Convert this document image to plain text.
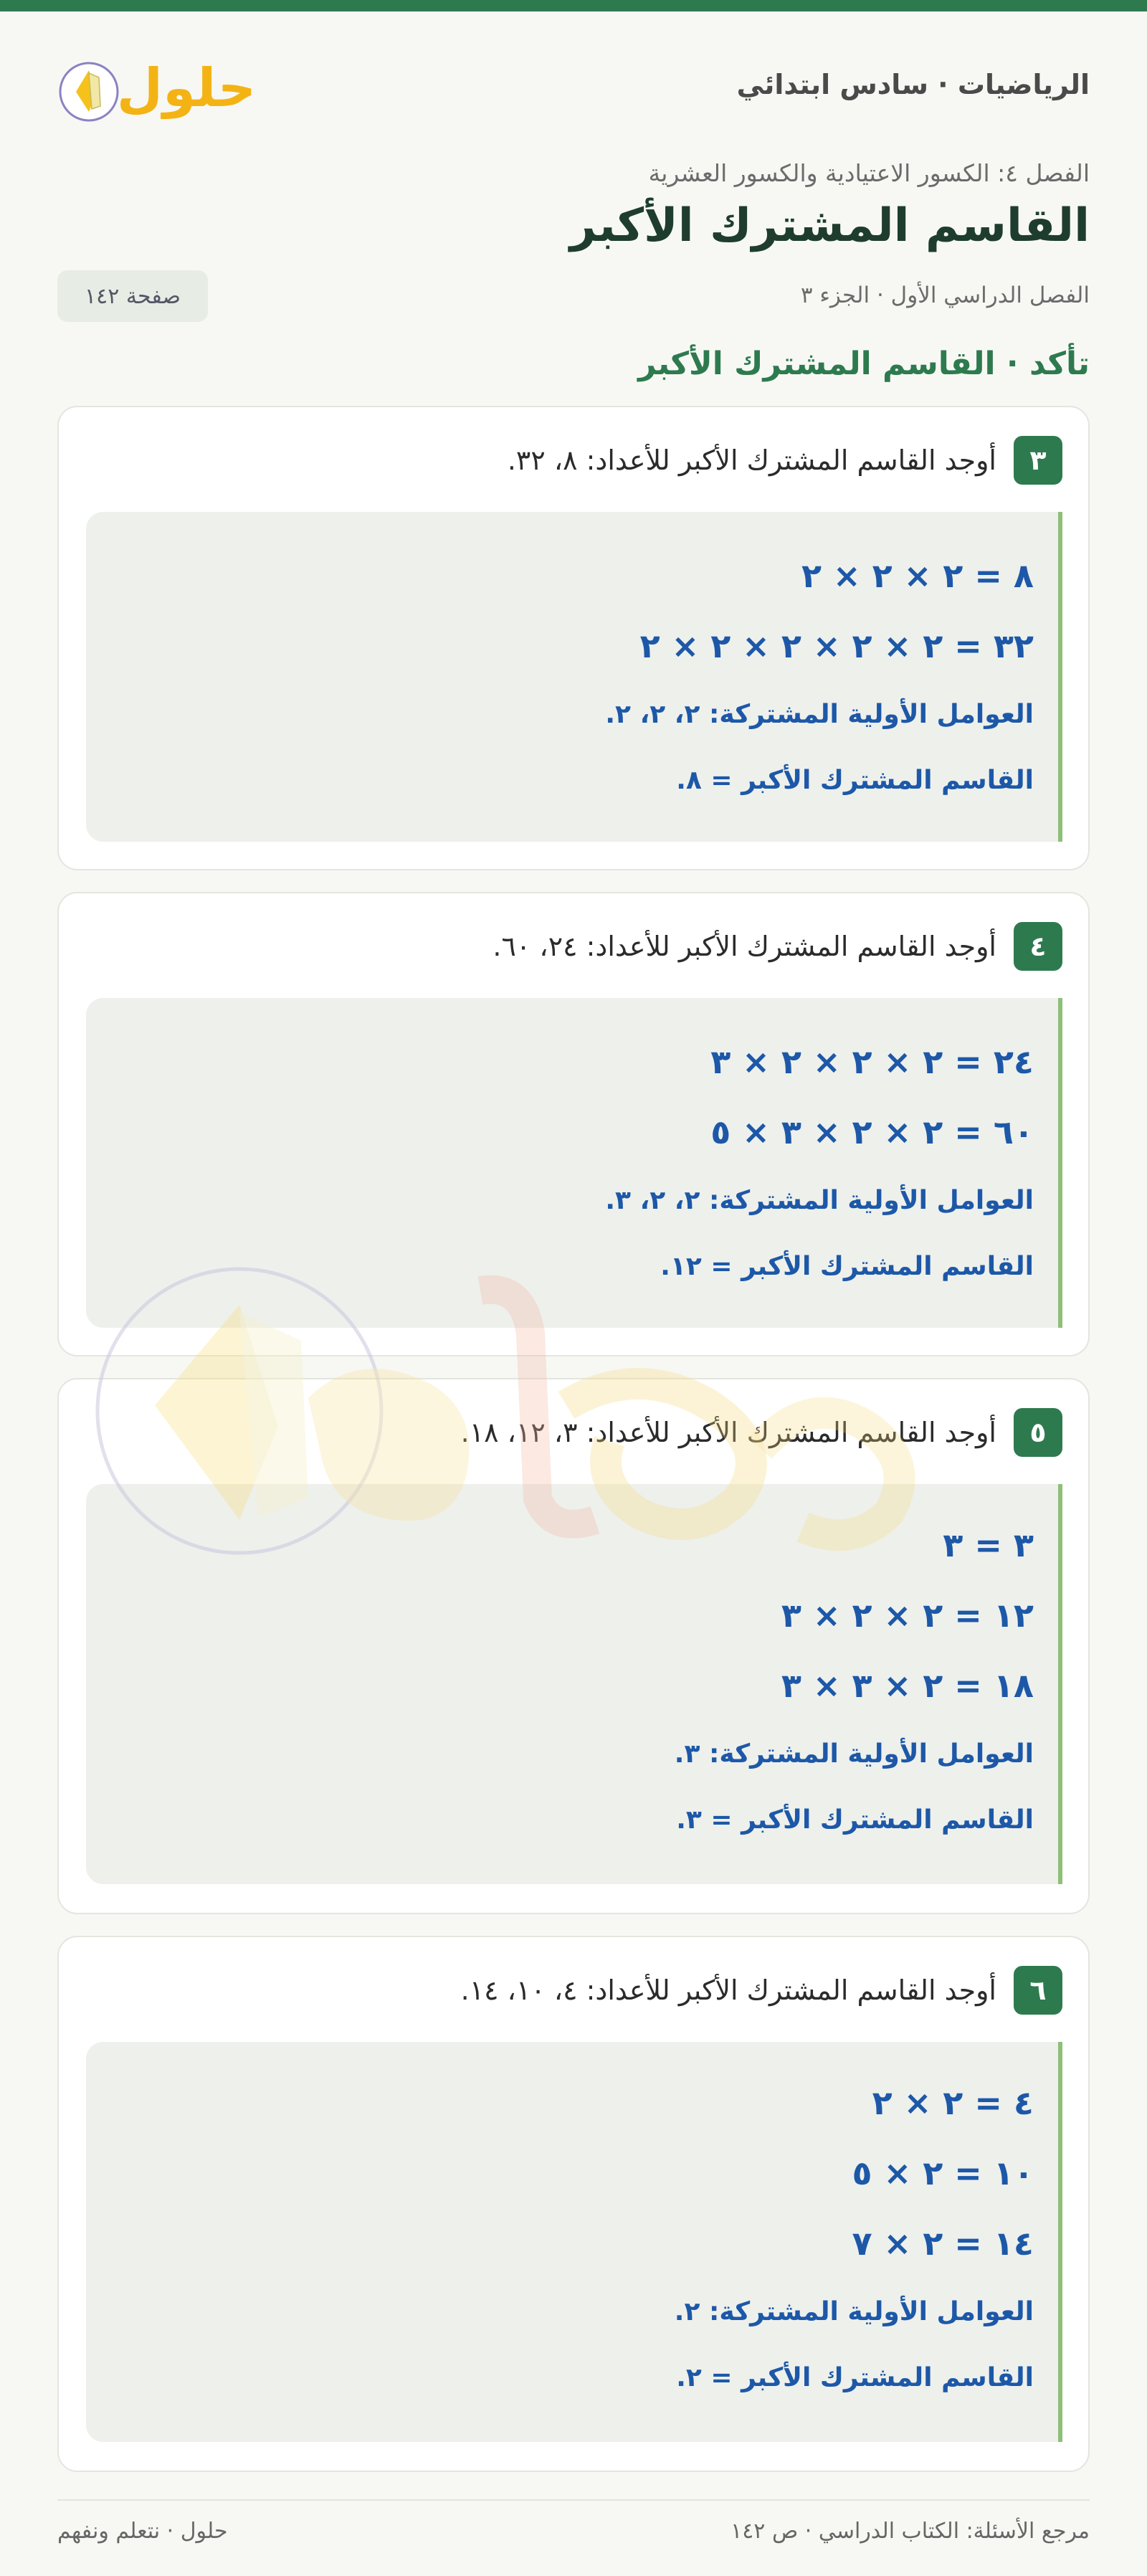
الرياضيات · سادس ابتدائي
حلول
الفصل ٤: الكسور الاعتيادية والكسور العشرية
القاسم المشترك الأكبر
الفصل الدراسي الأول · الجزء ٣
صفحة ١٤٢
تأكد · القاسم المشترك الأكبر
٣
أوجد القاسم المشترك الأكبر للأعداد: ٨، ٣٢.
٨ = ٢ × ٢ × ٢
٣٢ = ٢ × ٢ × ٢ × ٢ × ٢
العوامل الأولية المشتركة: ٢، ٢، ٢.
القاسم المشترك الأكبر = ٨.
٤
أوجد القاسم المشترك الأكبر للأعداد: ٢٤، ٦٠.
٢٤ = ٢ × ٢ × ٢ × ٣
٦٠ = ٢ × ٢ × ٣ × ٥
العوامل الأولية المشتركة: ٢، ٢، ٣.
القاسم المشترك الأكبر = ١٢.
٥
أوجد القاسم المشترك الأكبر للأعداد: ٣، ١٢، ١٨.
٣ = ٣
١٢ = ٢ × ٢ × ٣
١٨ = ٢ × ٣ × ٣
العوامل الأولية المشتركة: ٣.
القاسم المشترك الأكبر = ٣.
٦
أوجد القاسم المشترك الأكبر للأعداد: ٤، ١٠، ١٤.
٤ = ٢ × ٢
١٠ = ٢ × ٥
١٤ = ٢ × ٧
العوامل الأولية المشتركة: ٢.
القاسم المشترك الأكبر = ٢.
مرجع الأسئلة: الكتاب الدراسي · ص ١٤٢
حلول · نتعلم ونفهم
